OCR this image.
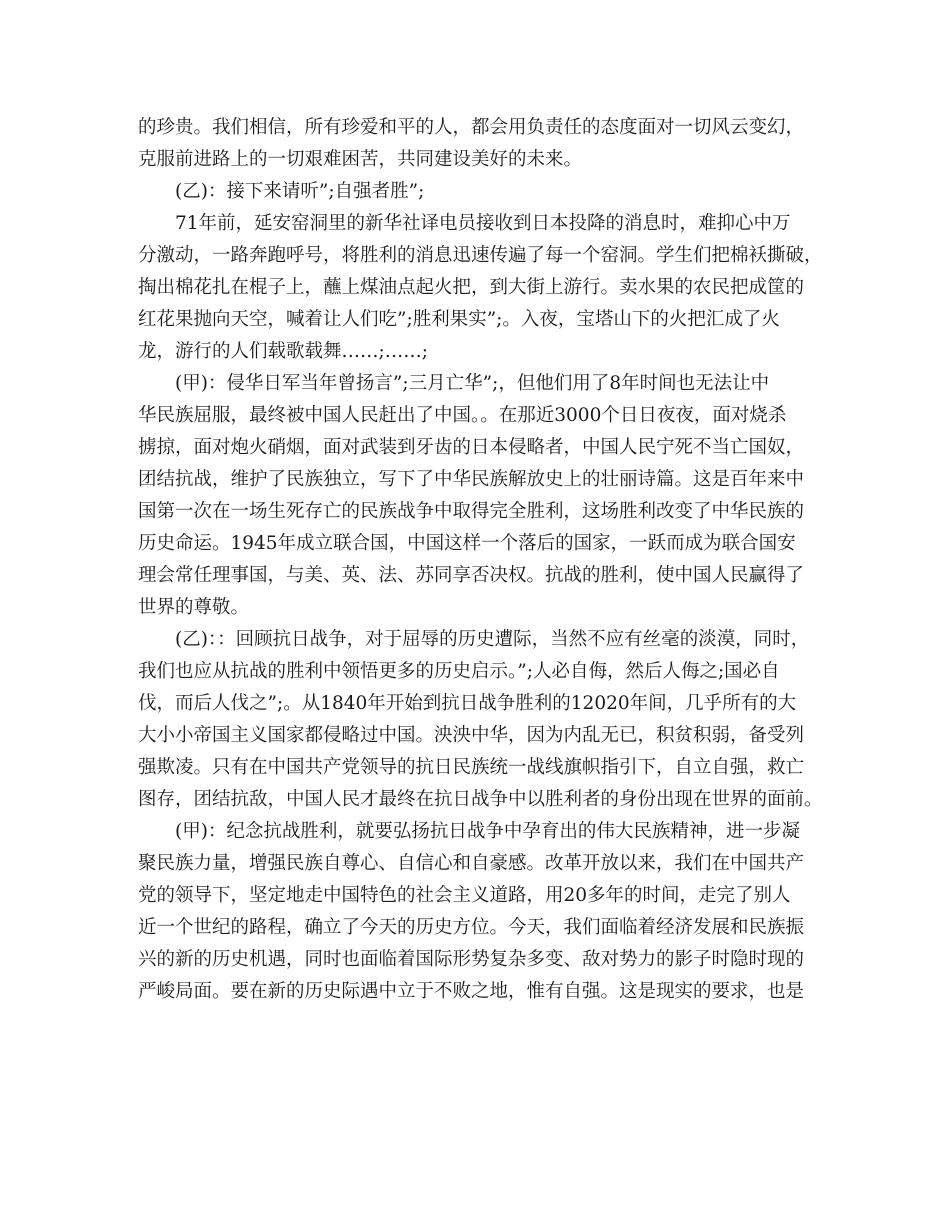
的珍贵。我们相信，所有珍爱和平的人，都会用负责任的态度面对一切风云变幻，
克服前进路上的一切艰难困苦，共同建设美好的未来。
(乙)：接下来请听”;自强者胜”;
71年前，延安窑洞里的新华社译电员接收到日本投降的消息时，难抑心中万
分激动，一路奔跑呼号，将胜利的消息迅速传遍了每一个窑洞。学生们把棉袄撕破，
掏出棉花扎在棍子上，蘸上煤油点起火把，到大街上游行。卖水果的农民把成筐的
红花果抛向天空，喊着让人们吃”;胜利果实”;。入夜，宝塔山下的火把汇成了火
龙，游行的人们载歌载舞……;……;
(甲)：侵华日军当年曾扬言”;三月亡华”;，但他们用了8年时间也无法让中
华民族屈服，最终被中国人民赶出了中国。。在那近3000个日日夜夜，面对烧杀
掳掠，面对炮火硝烟，面对武装到牙齿的日本侵略者，中国人民宁死不当亡国奴，
团结抗战，维护了民族独立，写下了中华民族解放史上的壮丽诗篇。这是百年来中
国第一次在一场生死存亡的民族战争中取得完全胜利，这场胜利改变了中华民族的
历史命运。1945年成立联合国，中国这样一个落后的国家，一跃而成为联合国安
理会常任理事国，与美、英、法、苏同享否决权。抗战的胜利，使中国人民赢得了
世界的尊敬。
(乙)：：回顾抗日战争，对于屈辱的历史遭际，当然不应有丝毫的淡漠，同时，
我们也应从抗战的胜利中领悟更多的历史启示。”;人必自侮，然后人侮之;国必自
伐，而后人伐之”;。从1840年开始到抗日战争胜利的12020年间，几乎所有的大
大小小帝国主义国家都侵略过中国。泱泱中华，因为内乱无已，积贫积弱，备受列
强欺凌。只有在中国共产党领导的抗日民族统一战线旗帜指引下，自立自强，救亡
图存，团结抗敌，中国人民才最终在抗日战争中以胜利者的身份出现在世界的面前。
(甲)：纪念抗战胜利，就要弘扬抗日战争中孕育出的伟大民族精神，进一步凝
聚民族力量，增强民族自尊心、自信心和自豪感。改革开放以来，我们在中国共产
党的领导下，坚定地走中国特色的社会主义道路，用20多年的时间，走完了别人
近一个世纪的路程，确立了今天的历史方位。今天，我们面临着经济发展和民族振
兴的新的历史机遇，同时也面临着国际形势复杂多变、敌对势力的影子时隐时现的
严峻局面。要在新的历史际遇中立于不败之地，惟有自强。这是现实的要求，也是
